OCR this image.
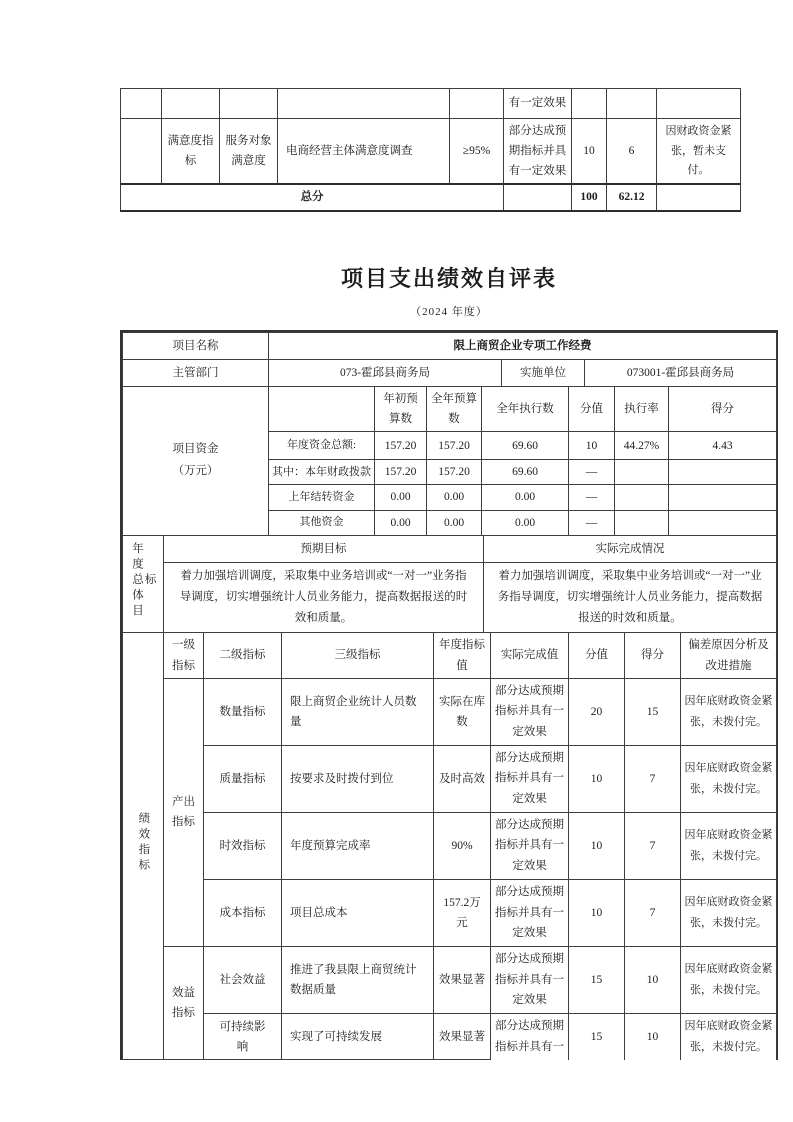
					有一定效果			
	满意度指标	服务对象满意度	电商经营主体满意度调查	≥95%	部分达成预期指标并具有一定效果	10	6	因财政资金紧张，暂未支付。
总分						100	62.12	
项目支出绩效自评表
（2024 年度）
项目名称	限上商贸企业专项工作经费		
主管部门	073-霍邱县商务局	实施单位	073001-霍邱县商务局
项目资金
（万元）		年初预算数	全年预算数	全年执行数	分值	执行率	得分
	年度资金总额:	157.20	157.20	69.60	10	44.27%	4.43
	其中：本年财政拨款	157.20	157.20	69.60	—		
	上年结转资金	0.00	0.00	0.00	—		
	其他资金	0.00	0.00	0.00	—		
年度总体目标	预期目标	实际完成情况
	着力加强培训调度，采取集中业务培训或“一对一”业务指导调度，切实增强统计人员业务能力，提高数据报送的时效和质量。	着力加强培训调度，采取集中业务培训或“一对一”业务指导调度，切实增强统计人员业务能力，提高数据报送的时效和质量。
绩效指标	一级指标	二级指标	三级指标	年度指标值	实际完成值	分值	得分	偏差原因分析及改进措施
	产出指标	数量指标	限上商贸企业统计人员数量	实际在库数	部分达成预期指标并具有一定效果	20	15	因年底财政资金紧张，未拨付完。
		质量指标	按要求及时拨付到位	及时高效	部分达成预期指标并具有一定效果	10	7	因年底财政资金紧张，未拨付完。
		时效指标	年度预算完成率	90%	部分达成预期指标并具有一定效果	10	7	因年底财政资金紧张，未拨付完。
		成本指标	项目总成本	157.2万元	部分达成预期指标并具有一定效果	10	7	因年底财政资金紧张，未拨付完。
	效益指标	社会效益	推进了我县限上商贸统计数据质量	效果显著	部分达成预期指标并具有一定效果	15	10	因年底财政资金紧张，未拨付完。
		可持续影响	实现了可持续发展	效果显著	部分达成预期指标并具有一	15	10	因年底财政资金紧张，未拨付完。
